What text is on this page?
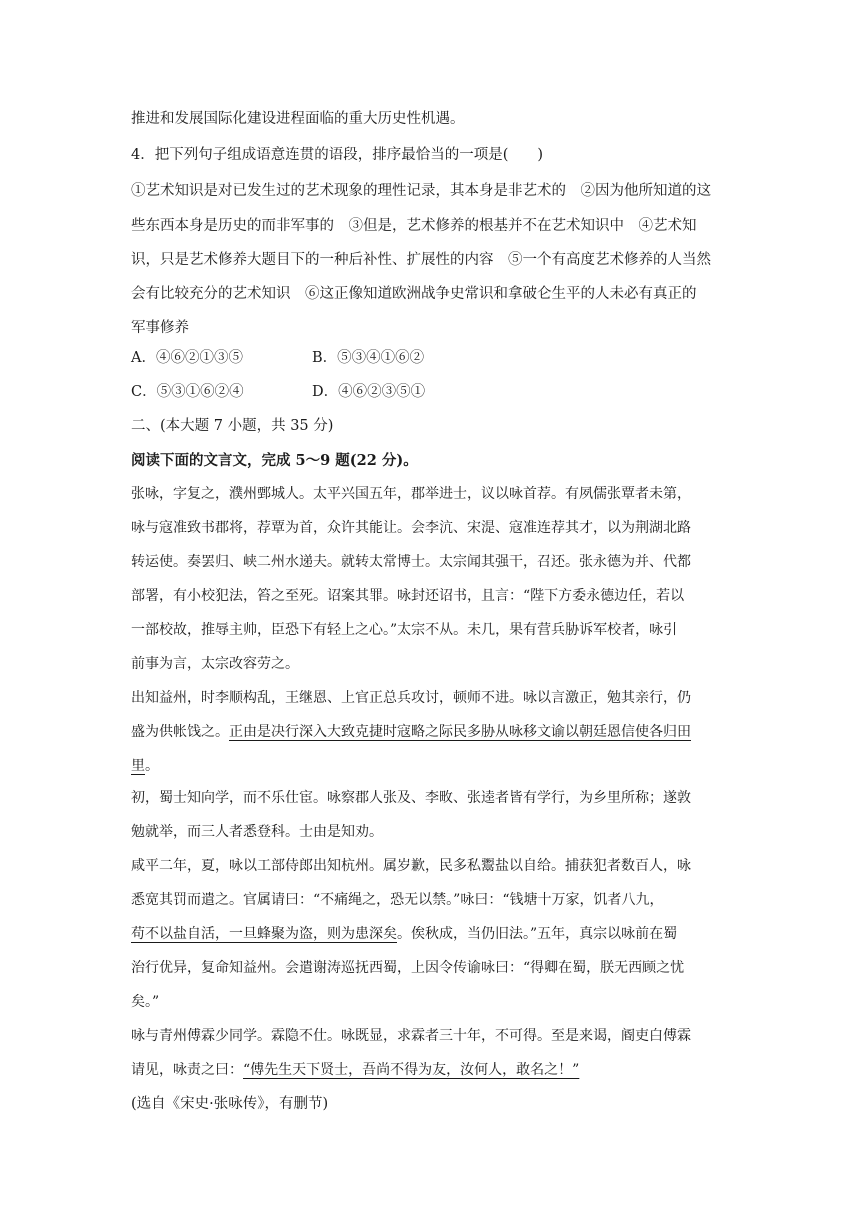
推进和发展国际化建设进程面临的重大历史性机遇。
4．把下列句子组成语意连贯的语段，排序最恰当的一项是(　　)
①艺术知识是对已发生过的艺术现象的理性记录，其本身是非艺术的　②因为他所知道的这
些东西本身是历史的而非军事的　③但是，艺术修养的根基并不在艺术知识中　④艺术知
识，只是艺术修养大题目下的一种后补性、扩展性的内容　⑤一个有高度艺术修养的人当然
会有比较充分的艺术知识　⑥这正像知道欧洲战争史常识和拿破仑生平的人未必有真正的
军事修养
A．④⑥②①③⑤	B．⑤③④①⑥②
C．⑤③①⑥②④	D．④⑥②③⑤①
二、(本大题 7 小题，共 35 分)
阅读下面的文言文，完成 5～9 题(22 分)。
张咏，字复之，濮州鄄城人。太平兴国五年，郡举进士，议以咏首荐。有夙儒张覃者未第，
咏与寇准致书郡将，荐覃为首，众许其能让。会李沆、宋湜、寇准连荐其才，以为荆湖北路
转运使。奏罢归、峡二州水递夫。就转太常博士。太宗闻其强干，召还。张永德为并、代都
部署，有小校犯法，笞之至死。诏案其罪。咏封还诏书，且言：“陛下方委永德边任，若以
一部校故，推辱主帅，臣恐下有轻上之心。”太宗不从。未几，果有营兵胁诉军校者，咏引
前事为言，太宗改容劳之。
出知益州，时李顺构乱，王继恩、上官正总兵攻讨，顿师不进。咏以言激正，勉其亲行，仍
盛为供帐饯之。正由是决行深入大致克捷时寇略之际民多胁从咏移文谕以朝廷恩信使各归田
里。
初，蜀士知向学，而不乐仕宦。咏察郡人张及、李畋、张逵者皆有学行，为乡里所称；遂敦
勉就举，而三人者悉登科。士由是知劝。
咸平二年，夏，咏以工部侍郎出知杭州。属岁歉，民多私鬻盐以自给。捕获犯者数百人，咏
悉宽其罚而遣之。官属请曰：“不痛绳之，恐无以禁。”咏曰：“钱塘十万家，饥者八九，
苟不以盐自活，一旦蜂聚为盗，则为患深矣。俟秋成，当仍旧法。”五年，真宗以咏前在蜀
治行优异，复命知益州。会遣谢涛巡抚西蜀，上因令传谕咏曰：“得卿在蜀，朕无西顾之忧
矣。”
咏与青州傅霖少同学。霖隐不仕。咏既显，求霖者三十年，不可得。至是来谒，阍吏白傅霖
请见，咏责之曰：“傅先生天下贤士，吾尚不得为友，汝何人，敢名之！”
(选自《宋史·张咏传》，有删节)
